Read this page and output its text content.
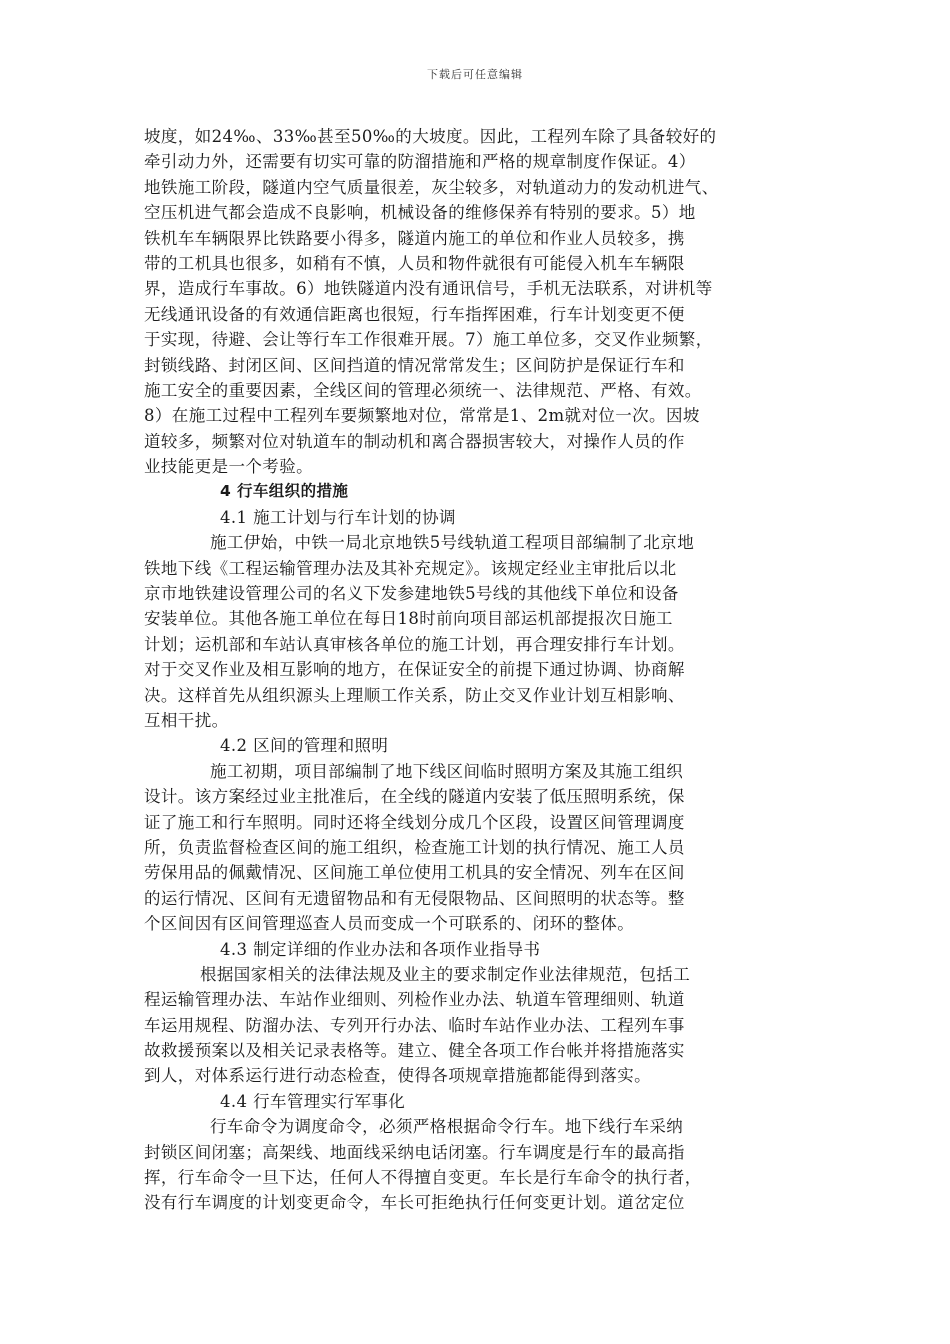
下载后可任意编辑
坡度，如24‰、33‰甚至50‰的大坡度。因此，工程列车除了具备较好的
牵引动力外，还需要有切实可靠的防溜措施和严格的规章制度作保证。4）
地铁施工阶段，隧道内空气质量很差，灰尘较多，对轨道动力的发动机进气、
空压机进气都会造成不良影响，机械设备的维修保养有特别的要求。5）地
铁机车车辆限界比铁路要小得多，隧道内施工的单位和作业人员较多，携
带的工机具也很多，如稍有不慎，人员和物件就很有可能侵入机车车辆限
界，造成行车事故。6）地铁隧道内没有通讯信号，手机无法联系，对讲机等
无线通讯设备的有效通信距离也很短，行车指挥困难，行车计划变更不便
于实现，待避、会让等行车工作很难开展。7）施工单位多，交叉作业频繁，
封锁线路、封闭区间、区间挡道的情况常常发生；区间防护是保证行车和
施工安全的重要因素，全线区间的管理必须统一、法律规范、严格、有效。
8）在施工过程中工程列车要频繁地对位，常常是1、2m就对位一次。因坡
道较多，频繁对位对轨道车的制动机和离合器损害较大，对操作人员的作
业技能更是一个考验。
4 行车组织的措施
4.1 施工计划与行车计划的协调
施工伊始，中铁一局北京地铁5号线轨道工程项目部编制了北京地
铁地下线《工程运输管理办法及其补充规定》。该规定经业主审批后以北
京市地铁建设管理公司的名义下发参建地铁5号线的其他线下单位和设备
安装单位。其他各施工单位在每日18时前向项目部运机部提报次日施工
计划；运机部和车站认真审核各单位的施工计划，再合理安排行车计划。
对于交叉作业及相互影响的地方，在保证安全的前提下通过协调、协商解
决。这样首先从组织源头上理顺工作关系，防止交叉作业计划互相影响、
互相干扰。
4.2 区间的管理和照明
施工初期，项目部编制了地下线区间临时照明方案及其施工组织
设计。该方案经过业主批准后，在全线的隧道内安装了低压照明系统，保
证了施工和行车照明。同时还将全线划分成几个区段，设置区间管理调度
所，负责监督检查区间的施工组织，检查施工计划的执行情况、施工人员
劳保用品的佩戴情况、区间施工单位使用工机具的安全情况、列车在区间
的运行情况、区间有无遗留物品和有无侵限物品、区间照明的状态等。整
个区间因有区间管理巡查人员而变成一个可联系的、闭环的整体。
4.3 制定详细的作业办法和各项作业指导书
根据国家相关的法律法规及业主的要求制定作业法律规范，包括工
程运输管理办法、车站作业细则、列检作业办法、轨道车管理细则、轨道
车运用规程、防溜办法、专列开行办法、临时车站作业办法、工程列车事
故救援预案以及相关记录表格等。建立、健全各项工作台帐并将措施落实
到人，对体系运行进行动态检查，使得各项规章措施都能得到落实。
4.4 行车管理实行军事化
行车命令为调度命令，必须严格根据命令行车。地下线行车采纳
封锁区间闭塞；高架线、地面线采纳电话闭塞。行车调度是行车的最高指
挥，行车命令一旦下达，任何人不得擅自变更。车长是行车命令的执行者，
没有行车调度的计划变更命令，车长可拒绝执行任何变更计划。道岔定位
